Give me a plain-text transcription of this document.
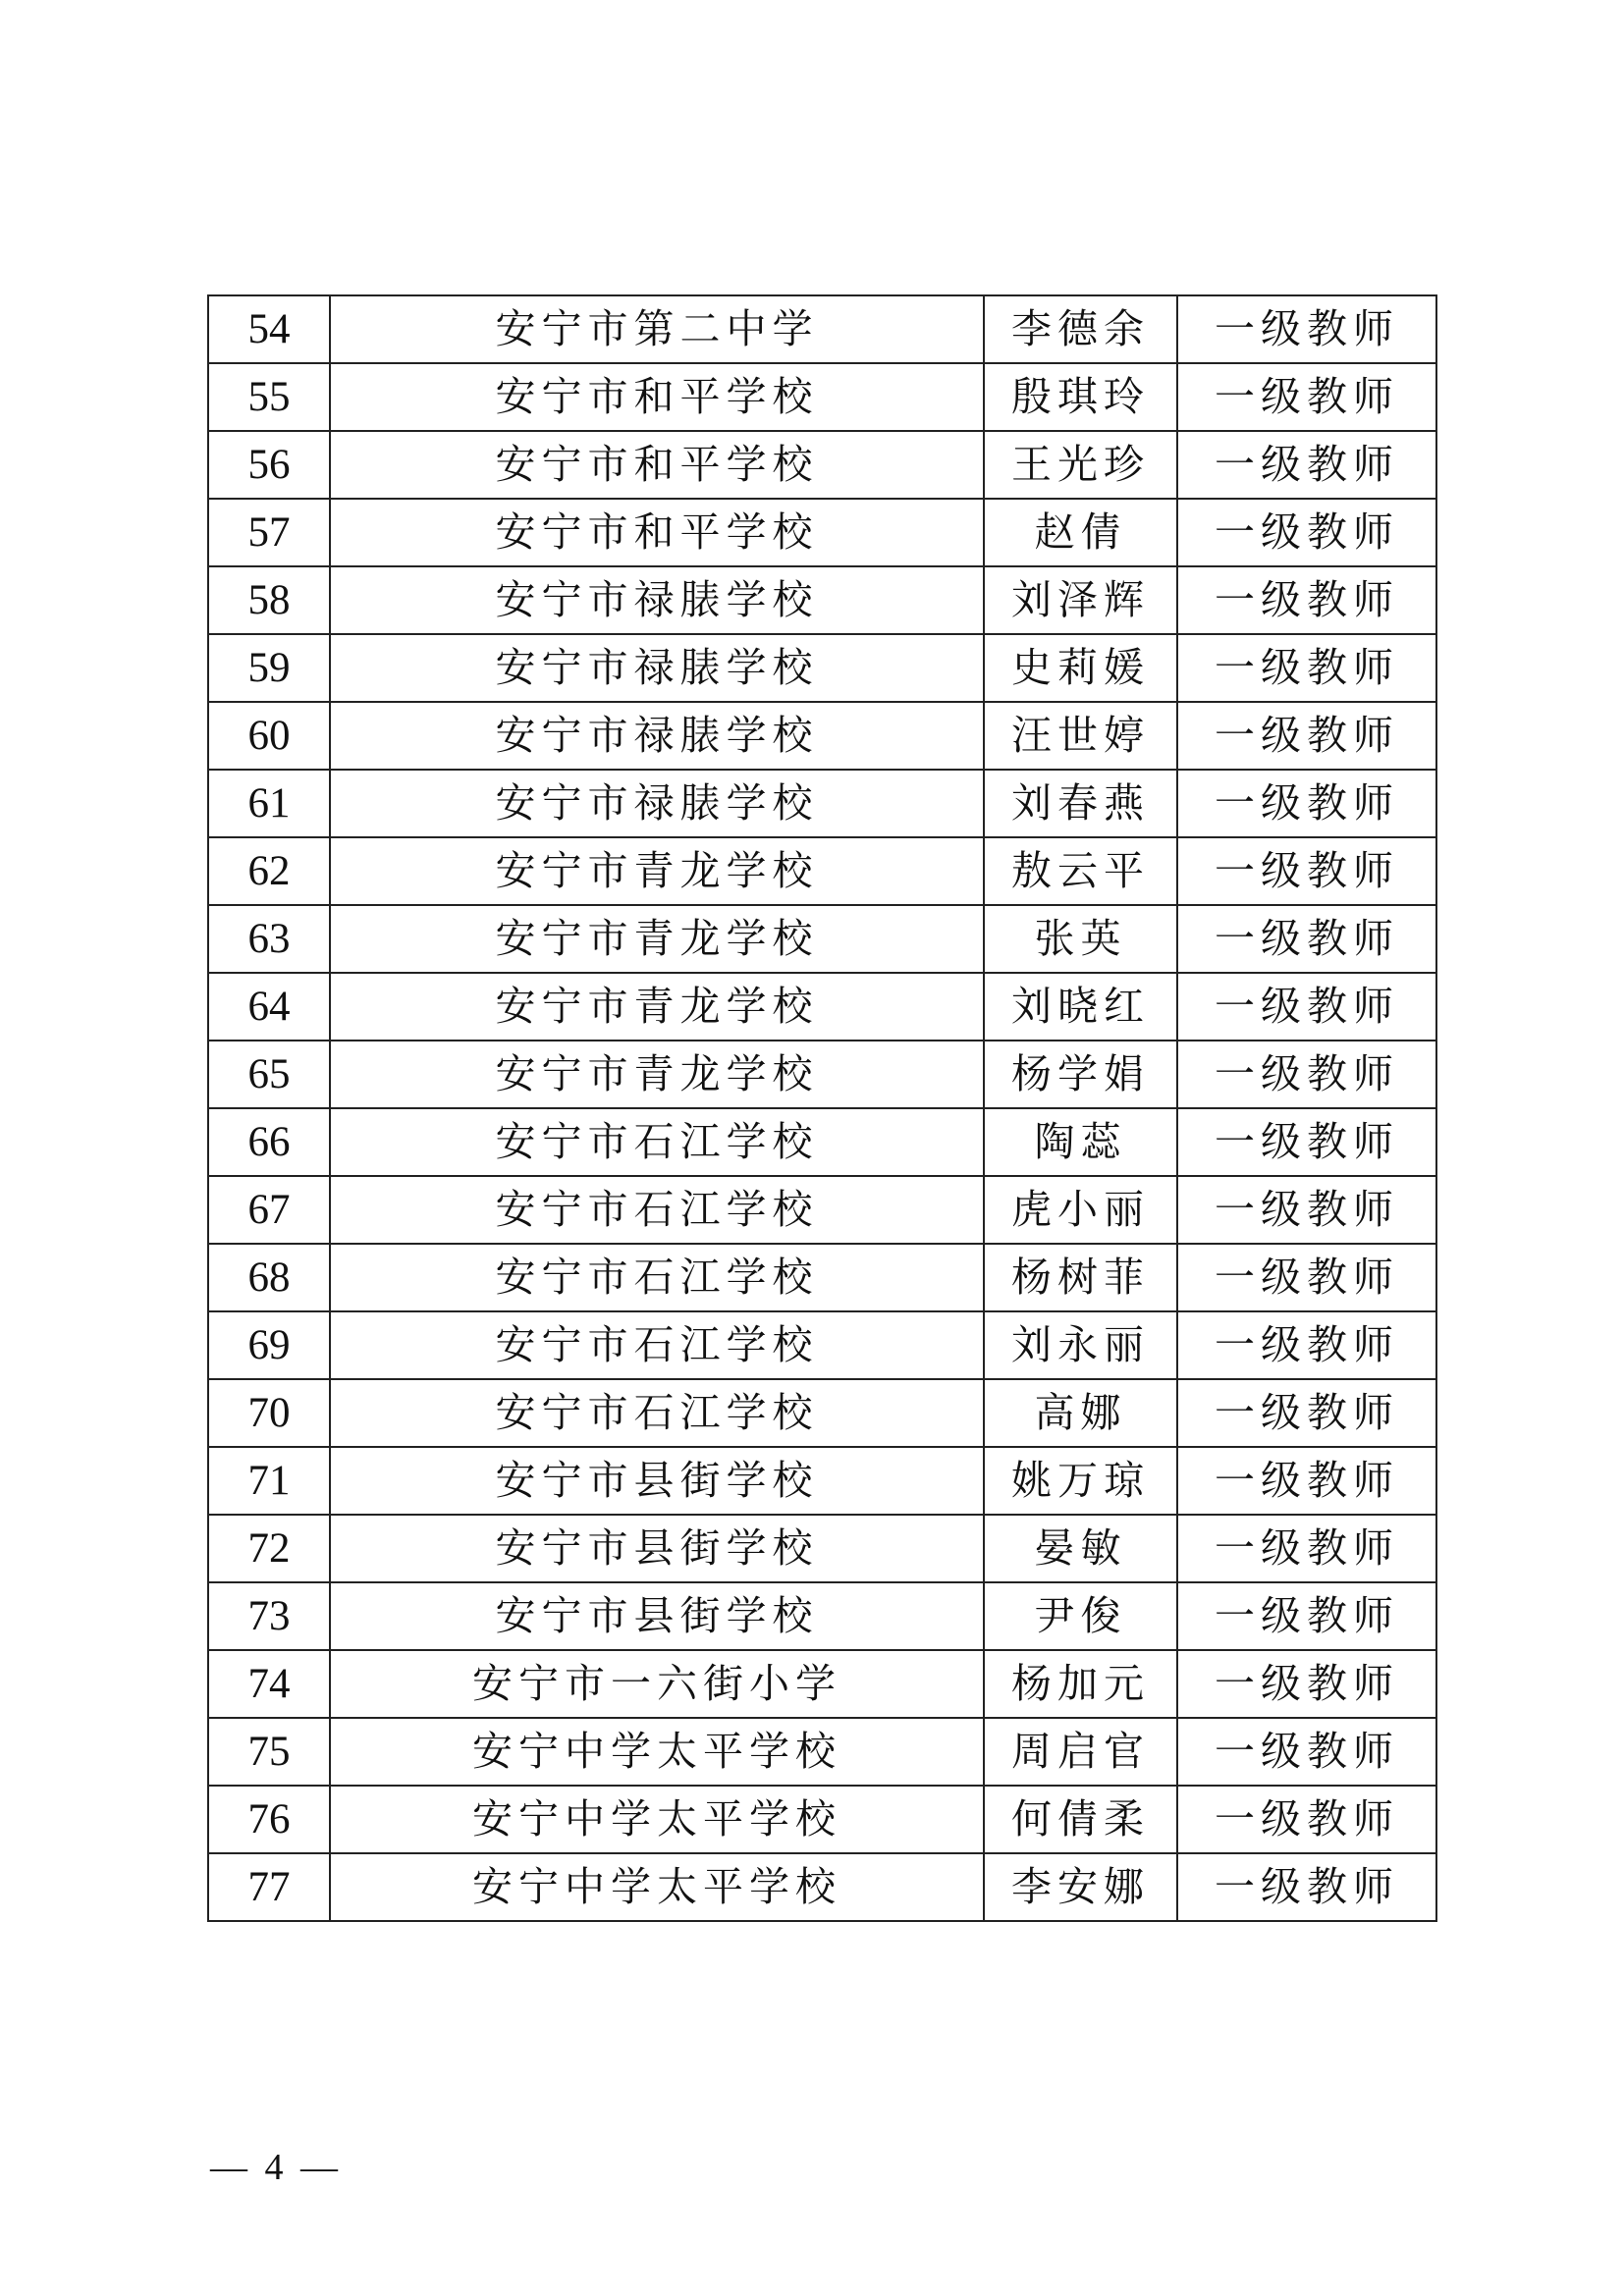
54	安宁市第二中学	李德余	一级教师
55	安宁市和平学校	殷琪玲	一级教师
56	安宁市和平学校	王光珍	一级教师
57	安宁市和平学校	赵倩	一级教师
58	安宁市禄脿学校	刘泽辉	一级教师
59	安宁市禄脿学校	史莉媛	一级教师
60	安宁市禄脿学校	汪世婷	一级教师
61	安宁市禄脿学校	刘春燕	一级教师
62	安宁市青龙学校	敖云平	一级教师
63	安宁市青龙学校	张英	一级教师
64	安宁市青龙学校	刘晓红	一级教师
65	安宁市青龙学校	杨学娟	一级教师
66	安宁市石江学校	陶蕊	一级教师
67	安宁市石江学校	虎小丽	一级教师
68	安宁市石江学校	杨树菲	一级教师
69	安宁市石江学校	刘永丽	一级教师
70	安宁市石江学校	高娜	一级教师
71	安宁市县街学校	姚万琼	一级教师
72	安宁市县街学校	晏敏	一级教师
73	安宁市县街学校	尹俊	一级教师
74	安宁市一六街小学	杨加元	一级教师
75	安宁中学太平学校	周启官	一级教师
76	安宁中学太平学校	何倩柔	一级教师
77	安宁中学太平学校	李安娜	一级教师
— 4 —
